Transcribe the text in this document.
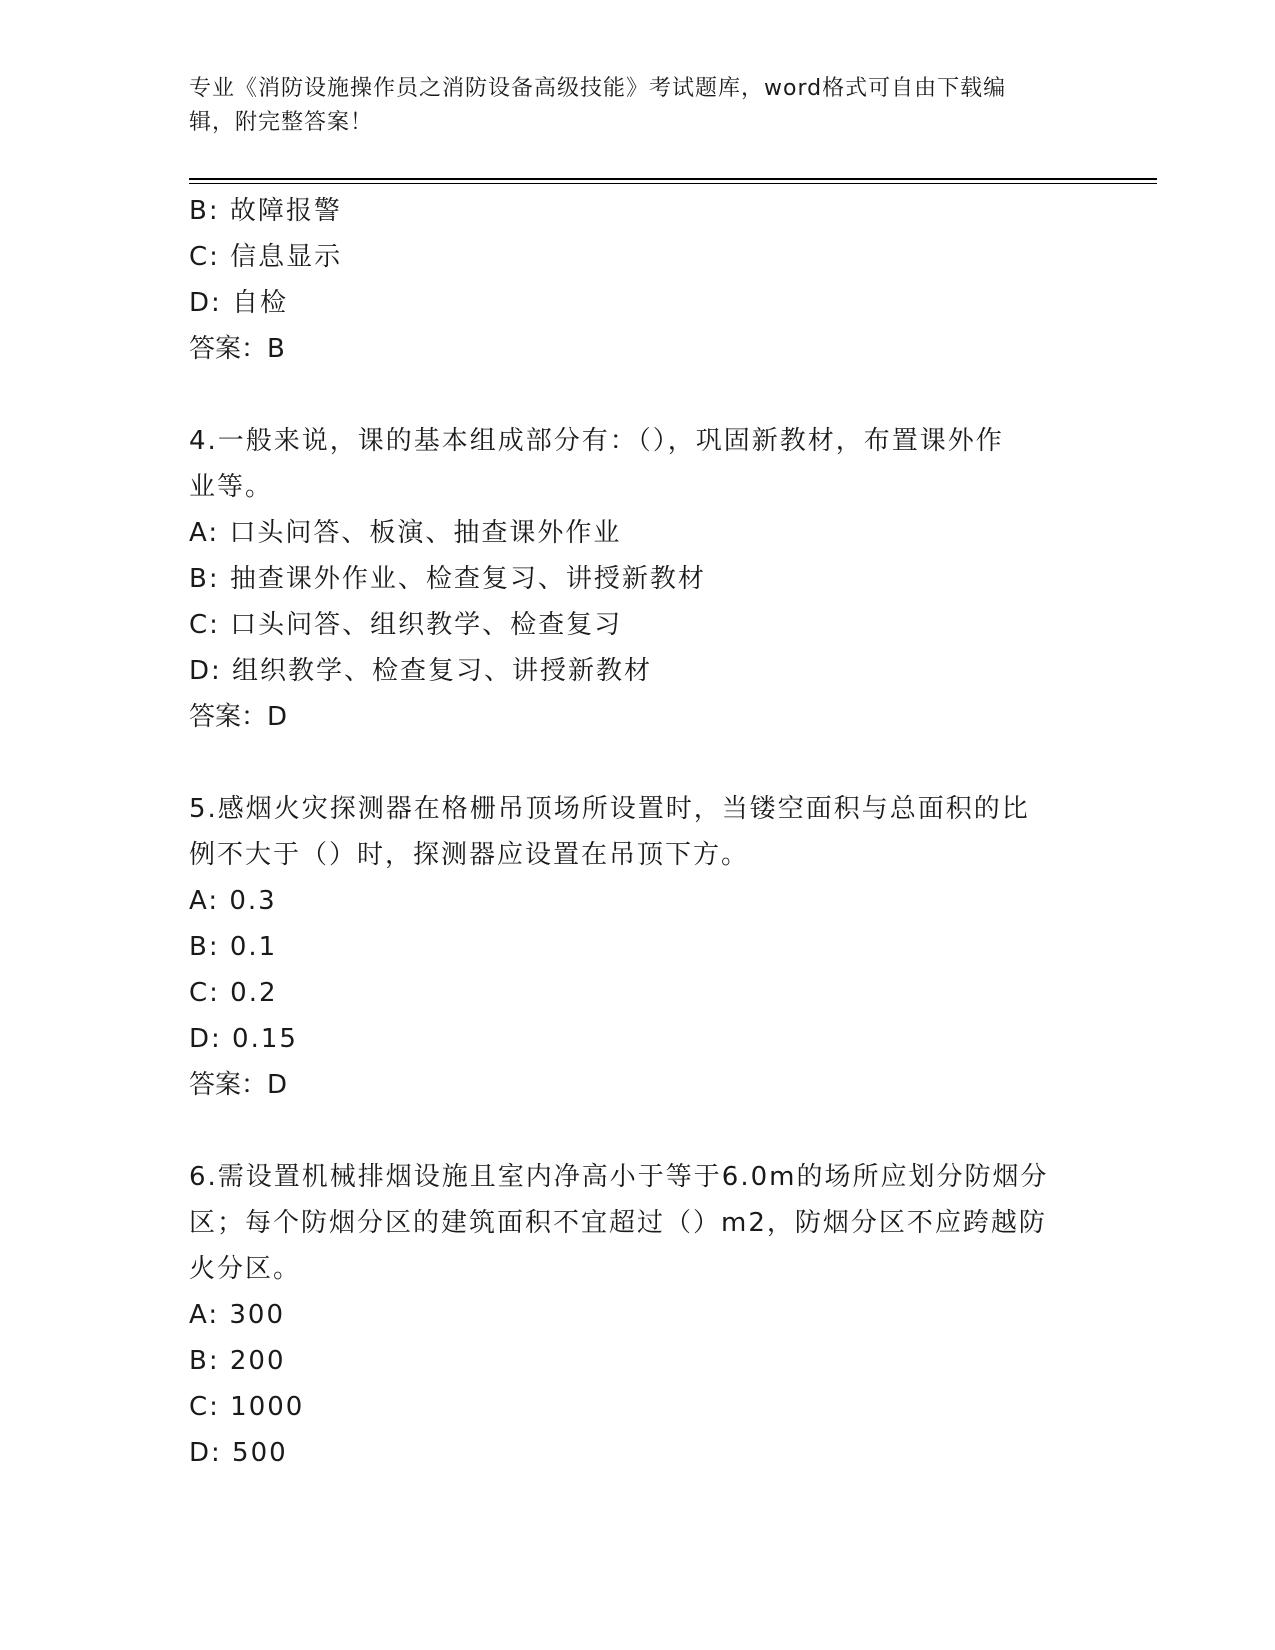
专业《消防设施操作员之消防设备高级技能》考试题库，word格式可自由下载编
辑，附完整答案！
B: 故障报警
C: 信息显示
D: 自检
答案：B
4.一般来说，课的基本组成部分有：（），巩固新教材，布置课外作
业等。
A: 口头问答、板演、抽查课外作业
B: 抽查课外作业、检查复习、讲授新教材
C: 口头问答、组织教学、检查复习
D: 组织教学、检查复习、讲授新教材
答案：D
5.感烟火灾探测器在格栅吊顶场所设置时，当镂空面积与总面积的比
例不大于（）时，探测器应设置在吊顶下方。
A: 0.3
B: 0.1
C: 0.2
D: 0.15
答案：D
6.需设置机械排烟设施且室内净高小于等于6.0m的场所应划分防烟分
区；每个防烟分区的建筑面积不宜超过（）m2，防烟分区不应跨越防
火分区。
A: 300
B: 200
C: 1000
D: 500
